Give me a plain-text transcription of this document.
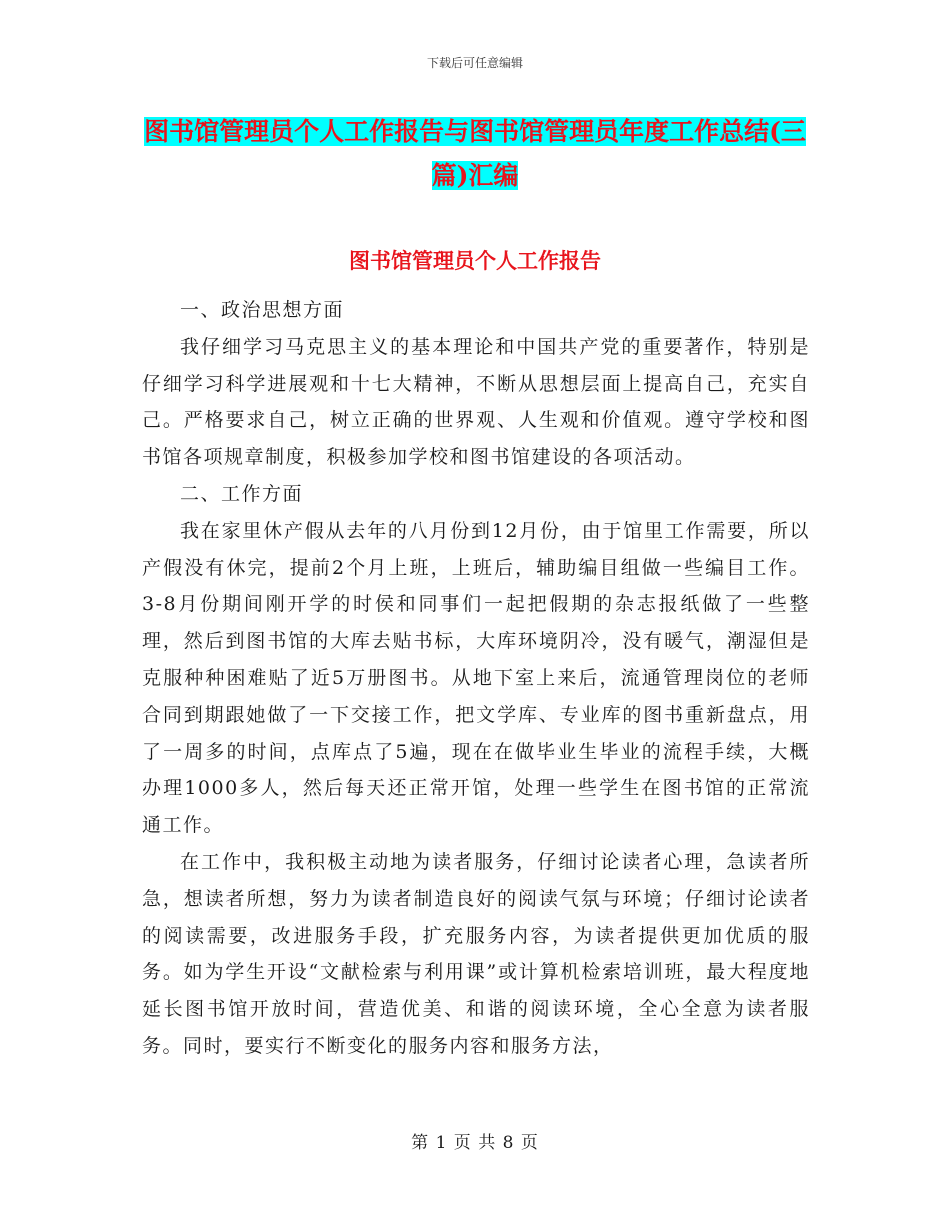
下载后可任意编辑
图书馆管理员个人工作报告与图书馆管理员年度工作总结(三篇)汇编
图书馆管理员个人工作报告

一、政治思想方面

我仔细学习马克思主义的基本理论和中国共产党的重要著作，特别是仔细学习科学进展观和十七大精神，不断从思想层面上提高自己，充实自己。严格要求自己，树立正确的世界观、人生观和价值观。遵守学校和图书馆各项规章制度，积极参加学校和图书馆建设的各项活动。

二、工作方面

我在家里休产假从去年的八月份到12月份，由于馆里工作需要，所以产假没有休完，提前2个月上班，上班后，辅助编目组做一些编目工作。3-8月份期间刚开学的时侯和同事们一起把假期的杂志报纸做了一些整理，然后到图书馆的大库去贴书标，大库环境阴冷，没有暖气，潮湿但是克服种种困难贴了近5万册图书。从地下室上来后，流通管理岗位的老师合同到期跟她做了一下交接工作，把文学库、专业库的图书重新盘点，用了一周多的时间，点库点了5遍，现在在做毕业生毕业的流程手续，大概办理1000多人，然后每天还正常开馆，处理一些学生在图书馆的正常流通工作。

在工作中，我积极主动地为读者服务，仔细讨论读者心理，急读者所急，想读者所想，努力为读者制造良好的阅读气氛与环境；仔细讨论读者的阅读需要，改进服务手段，扩充服务内容，为读者提供更加优质的服务。如为学生开设“文献检索与利用课”或计算机检索培训班，最大程度地延长图书馆开放时间，营造优美、和谐的阅读环境，全心全意为读者服务。同时，要实行不断变化的服务内容和服务方法，

第 1 页 共 8 页
